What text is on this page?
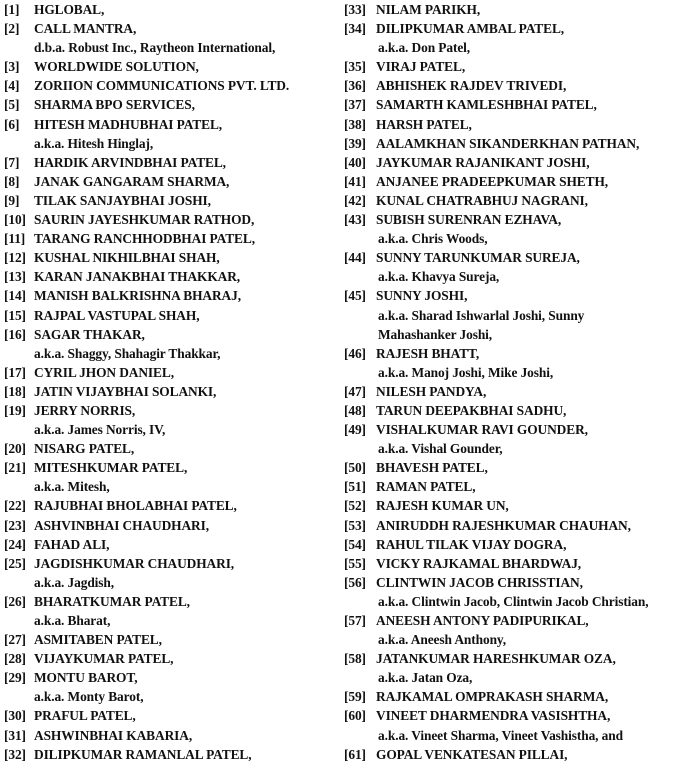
[1] HGLOBAL,
[2] CALL MANTRA,
d.b.a. Robust Inc., Raytheon International,
[3] WORLDWIDE SOLUTION,
[4] ZORIION COMMUNICATIONS PVT. LTD.
[5] SHARMA BPO SERVICES,
[6] HITESH MADHUBHAI PATEL,
a.k.a. Hitesh Hinglaj,
[7] HARDIK ARVINDBHAI PATEL,
[8] JANAK GANGARAM SHARMA,
[9] TILAK SANJAYBHAI JOSHI,
[10] SAURIN JAYESHKUMAR RATHOD,
[11] TARANG RANCHHODBHAI PATEL,
[12] KUSHAL NIKHILBHAI SHAH,
[13] KARAN JANAKBHAI THAKKAR,
[14] MANISH BALKRISHNA BHARAJ,
[15] RAJPAL VASTUPAL SHAH,
[16] SAGAR THAKAR,
a.k.a. Shaggy, Shahagir Thakkar,
[17] CYRIL JHON DANIEL,
[18] JATIN VIJAYBHAI SOLANKI,
[19] JERRY NORRIS,
a.k.a. James Norris, IV,
[20] NISARG PATEL,
[21] MITESHKUMAR PATEL,
a.k.a. Mitesh,
[22] RAJUBHAI BHOLABHAI PATEL,
[23] ASHVINBHAI CHAUDHARI,
[24] FAHAD ALI,
[25] JAGDISHKUMAR CHAUDHARI,
a.k.a. Jagdish,
[26] BHARATKUMAR PATEL,
a.k.a. Bharat,
[27] ASMITABEN PATEL,
[28] VIJAYKUMAR PATEL,
[29] MONTU BAROT,
a.k.a. Monty Barot,
[30] PRAFUL PATEL,
[31] ASHWINBHAI KABARIA,
[32] DILIPKUMAR RAMANLAL PATEL,
[33] NILAM PARIKH,
[34] DILIPKUMAR AMBAL PATEL,
a.k.a. Don Patel,
[35] VIRAJ PATEL,
[36] ABHISHEK RAJDEV TRIVEDI,
[37] SAMARTH KAMLESHBHAI PATEL,
[38] HARSH PATEL,
[39] AALAMKHAN SIKANDERKHAN PATHAN,
[40] JAYKUMAR RAJANIKANT JOSHI,
[41] ANJANEE PRADEEPKUMAR SHETH,
[42] KUNAL CHATRABHUJ NAGRANI,
[43] SUBISH SURENRAN EZHAVA,
a.k.a. Chris Woods,
[44] SUNNY TARUNKUMAR SUREJA,
a.k.a. Khavya Sureja,
[45] SUNNY JOSHI,
a.k.a. Sharad Ishwarlal Joshi, Sunny
Mahashanker Joshi,
[46] RAJESH BHATT,
a.k.a. Manoj Joshi, Mike Joshi,
[47] NILESH PANDYA,
[48] TARUN DEEPAKBHAI SADHU,
[49] VISHALKUMAR RAVI GOUNDER,
a.k.a. Vishal Gounder,
[50] BHAVESH PATEL,
[51] RAMAN PATEL,
[52] RAJESH KUMAR UN,
[53] ANIRUDDH RAJESHKUMAR CHAUHAN,
[54] RAHUL TILAK VIJAY DOGRA,
[55] VICKY RAJKAMAL BHARDWAJ,
[56] CLINTWIN JACOB CHRISSTIAN,
a.k.a. Clintwin Jacob, Clintwin Jacob Christian,
[57] ANEESH ANTONY PADIPURIKAL,
a.k.a. Aneesh Anthony,
[58] JATANKUMAR HARESHKUMAR OZA,
a.k.a. Jatan Oza,
[59] RAJKAMAL OMPRAKASH SHARMA,
[60] VINEET DHARMENDRA VASISHTHA,
a.k.a. Vineet Sharma, Vineet Vashistha, and
[61] GOPAL VENKATESAN PILLAI,
